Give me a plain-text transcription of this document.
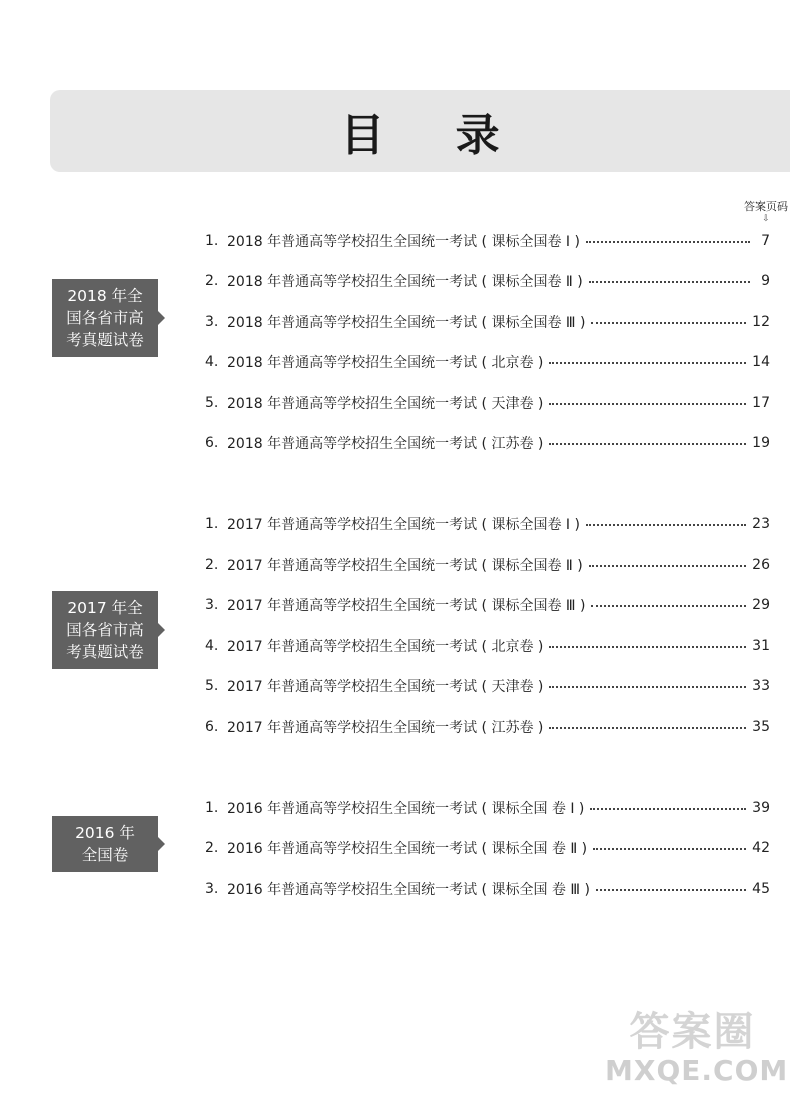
目 录
答案页码
⇩
2018 年全
国各省市高
考真题试卷
1. 2018 年普通高等学校招生全国统一考试 ( 课标全国卷 Ⅰ )	7
2. 2018 年普通高等学校招生全国统一考试 ( 课标全国卷 Ⅱ )	9
3. 2018 年普通高等学校招生全国统一考试 ( 课标全国卷 Ⅲ )	12
4. 2018 年普通高等学校招生全国统一考试 ( 北京卷 )	14
5. 2018 年普通高等学校招生全国统一考试 ( 天津卷 )	17
6. 2018 年普通高等学校招生全国统一考试 ( 江苏卷 )	19
2017 年全
国各省市高
考真题试卷
1. 2017 年普通高等学校招生全国统一考试 ( 课标全国卷 Ⅰ )	23
2. 2017 年普通高等学校招生全国统一考试 ( 课标全国卷 Ⅱ )	26
3. 2017 年普通高等学校招生全国统一考试 ( 课标全国卷 Ⅲ )	29
4. 2017 年普通高等学校招生全国统一考试 ( 北京卷 )	31
5. 2017 年普通高等学校招生全国统一考试 ( 天津卷 )	33
6. 2017 年普通高等学校招生全国统一考试 ( 江苏卷 )	35
2016 年
全国卷
1. 2016 年普通高等学校招生全国统一考试 ( 课标全国 卷 Ⅰ )	39
2. 2016 年普通高等学校招生全国统一考试 ( 课标全国 卷 Ⅱ )	42
3. 2016 年普通高等学校招生全国统一考试 ( 课标全国 卷 Ⅲ )	45
答案圈
MXQE.COM
